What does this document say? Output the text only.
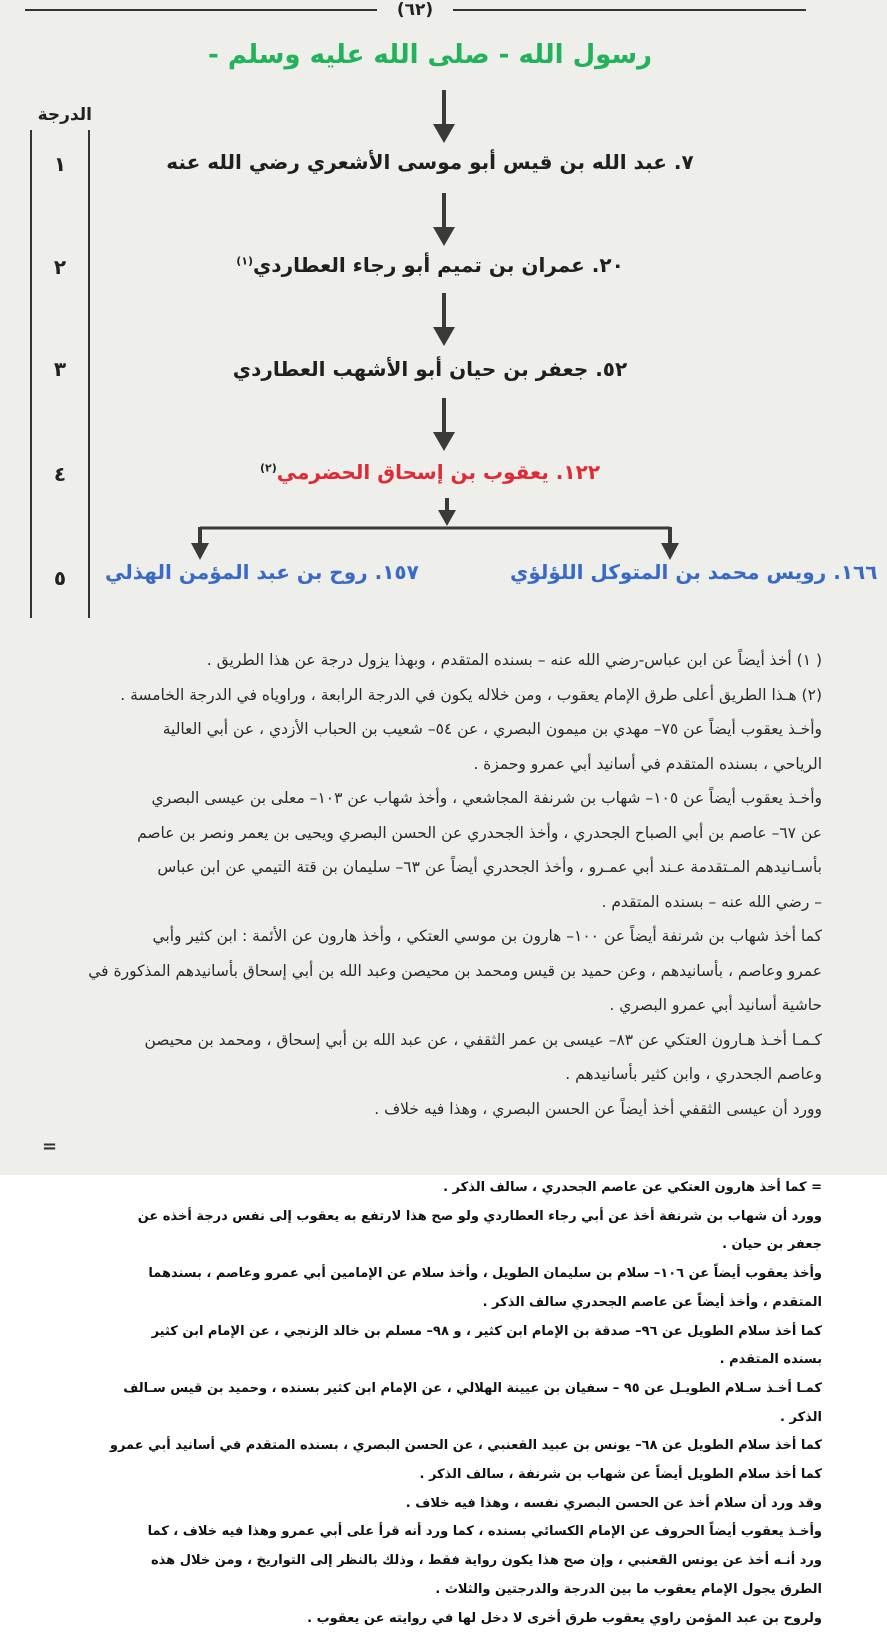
(٦٢)
رسول الله - صلى الله عليه وسلم -
الدرجة
١
٢
٣
٤
٥
٧. عبد الله بن قيس أبو موسى الأشعري رضي الله عنه
٢٠. عمران بن تميم أبو رجاء العطاردي$^{(١)}$
٥٢. جعفر بن حيان أبو الأشهب العطاردي
١٢٢. يعقوب بن إسحاق الحضرمي$^{(٢)}$
١٦٦. رويس محمد بن المتوكل اللؤلؤي
١٥٧. روح بن عبد المؤمن الهذلي

( ١) أخذ أيضاً عن ابن عباس-رضي الله عنه – بسنده المتقدم ، وبهذا يزول درجة عن هذا الطريق .

(٢) هـذا الطريق أعلى طرق الإمام يعقوب ، ومن خلاله يكون في الدرجة الرابعة ، وراوياه في الدرجة الخامسة .

وأخـذ يعقوب أيضاً عن ٧٥– مهدي بن ميمون البصري ، عن ٥٤– شعيب بن الحباب الأزدي ، عن أبي العالية

الرياحي ، بسنده المتقدم في أسانيد أبي عمرو وحمزة .

وأخـذ يعقوب أيضاً عن ١٠٥– شهاب بن شرنفة المجاشعي ، وأخذ شهاب عن ١٠٣– معلى بن عيسى البصري

عن ٦٧– عاصم بن أبي الصباح الجحدري ، وأخذ الجحدري عن الحسن البصري ويحيى بن يعمر ونصر بن عاصم

بأسـانيدهم المـتقدمة عـند أبي عمـرو ، وأخذ الجحدري أيضاً عن ٦٣– سليمان بن قتة التيمي عن ابن عباس

– رضي الله عنه – بسنده المتقدم .

كما أخذ شهاب بن شرنفة أيضاً عن ١٠٠– هارون بن موسي العتكي ، وأخذ هارون عن الأئمة : ابن كثير وأبي

عمرو وعاصم ، بأسانيدهم ، وعن حميد بن قيس ومحمد بن محيصن وعبد الله بن أبي إسحاق بأسانيدهم المذكورة في

حاشية أسانيد أبي عمرو البصري .

كـمـا أخـذ هـارون العتكي عن ٨٣– عيسى بن عمر الثقفي ، عن عبد الله بن أبي إسحاق ، ومحمد بن محيصن

وعاصم الجحدري ، وابن كثير بأسانيدهم .

وورد أن عيسى الثقفي أخذ أيضاً عن الحسن البصري ، وهذا فيه خلاف .

=

= كما أخذ هارون العتكي عن عاصم الجحدري ، سالف الذكر .

وورد أن شهاب بن شرنفة أخذ عن أبي رجاء العطاردي ولو صح هذا لارتفع به يعقوب إلى نفس درجة أخذه عن

جعفر بن حيان .

وأخذ يعقوب أيضاً عن ١٠٦– سلام بن سليمان الطويل ، وأخذ سلام عن الإمامين أبي عمرو وعاصم ، بسندهما

المتقدم ، وأخذ أيضاً عن عاصم الجحدري سالف الذكر .

كما أخذ سلام الطويل عن ٩٦– صدقة بن الإمام ابن كثير ، و ٩٨– مسلم بن خالد الزنجي ، عن الإمام ابن كثير

بسنده المتقدم .

كمـا أخـذ سـلام الطويـل عن ٩٥ – سفيان بن عيينة الهلالي ، عن الإمام ابن كثير بسنده ، وحميد بن قيس سـالف

الذكر .

كما أخذ سلام الطويل عن ٦٨– يونس بن عبيد القعنبي ، عن الحسن البصري ، بسنده المتقدم في أسانيد أبي عمرو

كما أخذ سلام الطويل أيضاً عن شهاب بن شرنفة ، سالف الذكر .

وقد ورد أن سلام أخذ عن الحسن البصري نفسه ، وهذا فيه خلاف .

وأخـذ يعقوب أيضاً الحروف عن الإمام الكسائي بسنده ، كما ورد أنه قرأ على أبي عمرو وهذا فيه خلاف ، كما

ورد أنـه أخذ عن يونس القعنبي ، وإن صح هذا يكون رواية فقط ، وذلك بالنظر إلى التواريخ ، ومن خلال هذه

الطرق يجول الإمام يعقوب ما بين الدرجة والدرجتين والثلاث .

ولروح بن عبد المؤمن راوي يعقوب طرق أخرى لا دخل لها في روايته عن يعقوب .
